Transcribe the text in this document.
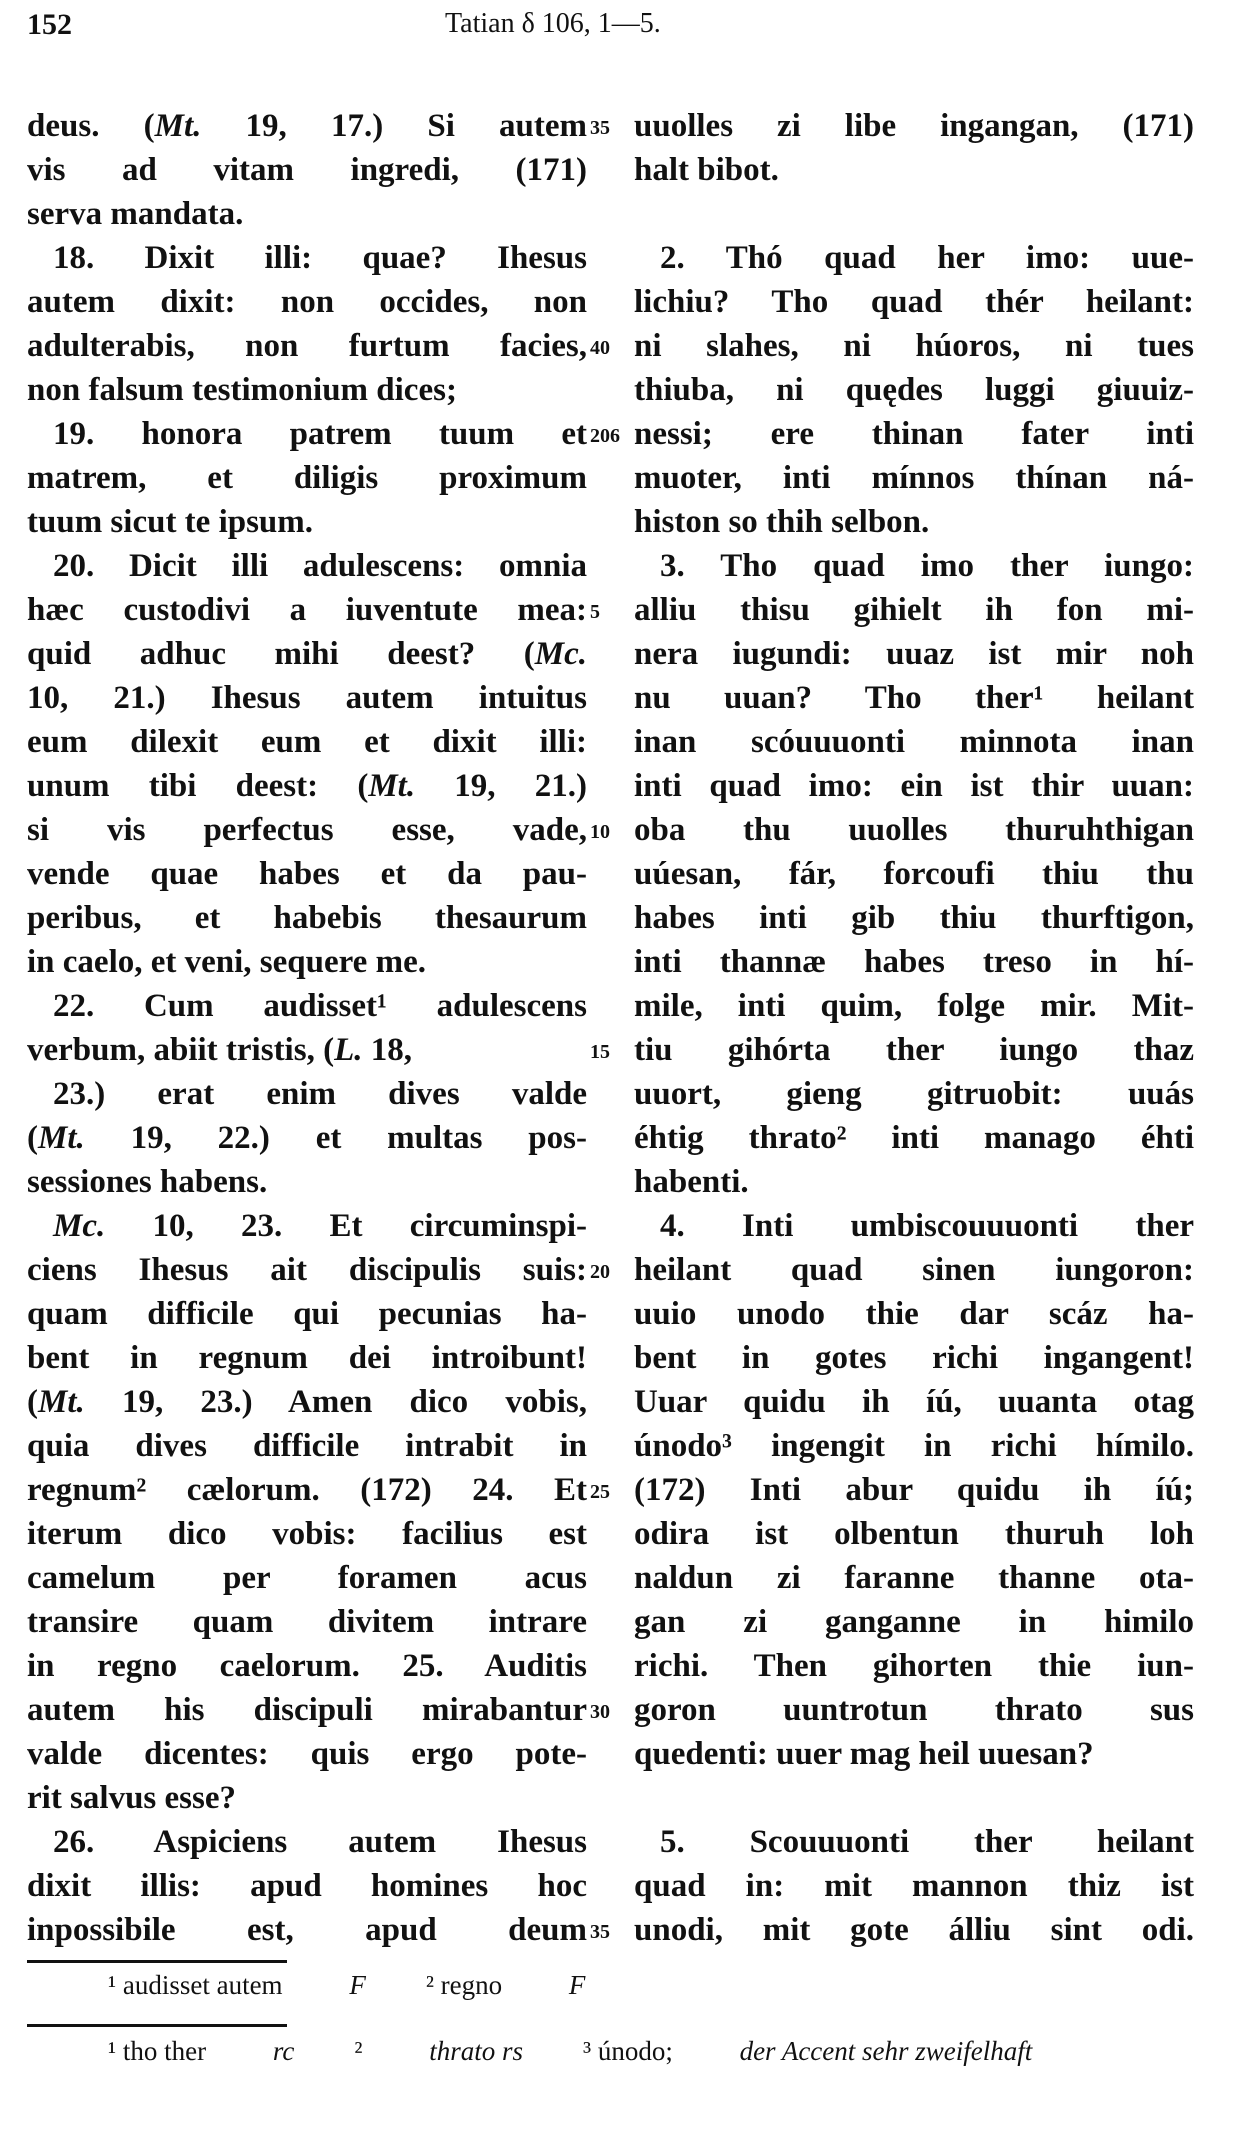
152	Tatian δ 106, 1—5.
deus. (Mt. 19, 17.) Si autem
vis ad vitam ingredi, (171)
serva mandata.
18. Dixit illi: quae? Ihesus
autem dixit: non occides, non
adulterabis, non furtum facies,
non falsum testimonium dices;
19. honora patrem tuum et
matrem, et diligis proximum
tuum sicut te ipsum.
20. Dicit illi adulescens: omnia
hæc custodivi a iuventute mea:
quid adhuc mihi deest? (Mc.
10, 21.) Ihesus autem intuitus
eum dilexit eum et dixit illi:
unum tibi deest: (Mt. 19, 21.)
si vis perfectus esse, vade,
vende quae habes et da pau-
peribus, et habebis thesaurum
in caelo, et veni, sequere me.
22. Cum audisset¹ adulescens
verbum, abiit tristis, (L. 18,
23.) erat enim dives valde
(Mt. 19, 22.) et multas pos-
sessiones habens.
Mc. 10, 23. Et circuminspi-
ciens Ihesus ait discipulis suis:
quam difficile qui pecunias ha-
bent in regnum dei introibunt!
(Mt. 19, 23.) Amen dico vobis,
quia dives difficile intrabit in
regnum² cælorum. (172) 24. Et
iterum dico vobis: facilius est
camelum per foramen acus
transire quam divitem intrare
in regno caelorum. 25. Auditis
autem his discipuli mirabantur
valde dicentes: quis ergo pote-
rit salvus esse?
26. Aspiciens autem Ihesus
dixit illis: apud homines hoc
inpossibile est, apud deum
35
40
206
5
10
15
20
25
30
35
uuolles zi libe ingangan, (171)
halt bibot.
2. Thó quad her imo: uue-
lichiu? Tho quad thér heilant:
ni slahes, ni húoros, ni tues
thiuba, ni quędes luggi giuuiz-
nessi; ere thinan fater inti
muoter, inti mínnos thínan ná-
histon so thih selbon.
3. Tho quad imo ther iungo:
alliu thisu gihielt ih fon mi-
nera iugundi: uuaz ist mir noh
nu uuan? Tho ther¹ heilant
inan scóuuuonti minnota inan
inti quad imo: ein ist thir uuan:
oba thu uuolles thuruhthigan
uúesan, fár, forcoufi thiu thu
habes inti gib thiu thurftigon,
inti thannæ habes treso in hí-
mile, inti quim, folge mir. Mit-
tiu gihórta ther iungo thaz
uuort, gieng gitruobit: uuás
éhtig thrato² inti manago éhti
habenti.
4. Inti umbiscouuuonti ther
heilant quad sinen iungoron:
uuio unodo thie dar scáz ha-
bent in gotes richi ingangent!
Uuar quidu ih íú, uuanta otag
únodo³ ingengit in richi hímilo.
(172) Inti abur quidu ih íú;
odira ist olbentun thuruh loh
naldun zi faranne thanne ota-
gan zi ganganne in himilo
richi. Then gihorten thie iun-
goron uuntrotun thrato sus
quedenti: uuer mag heil uuesan?
5. Scouuuonti ther heilant
quad in: mit mannon thiz ist
unodi, mit gote álliu sint odi.
¹ audisset autem F ² regno F
¹ tho ther rc ² thrato rs ³ únodo; der Accent sehr zweifelhaft
